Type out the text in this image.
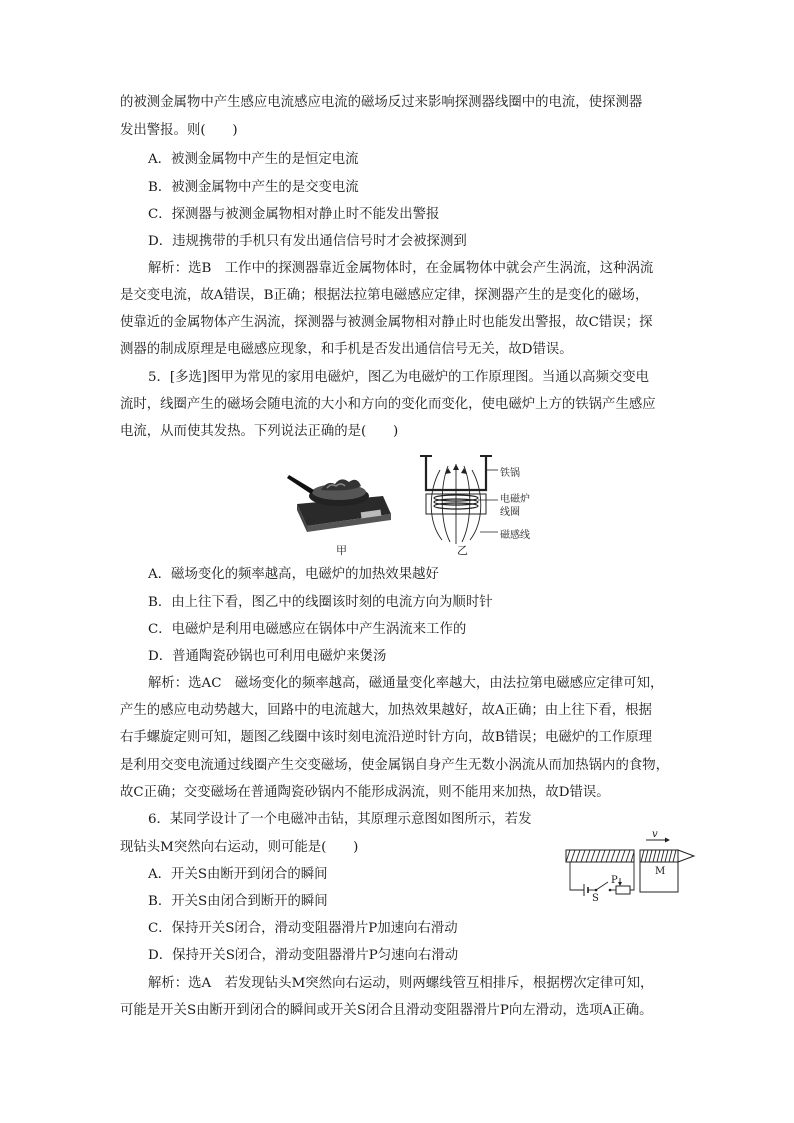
的被测金属物中产生感应电流感应电流的磁场反过来影响探测器线圈中的电流，使探测器
发出警报。则(　　)
A．被测金属物中产生的是恒定电流
B．被测金属物中产生的是交变电流
C．探测器与被测金属物相对静止时不能发出警报
D．违规携带的手机只有发出通信信号时才会被探测到
解析：选B　工作中的探测器靠近金属物体时，在金属物体中就会产生涡流，这种涡流
是交变电流，故A错误，B正确；根据法拉第电磁感应定律，探测器产生的是变化的磁场，
使靠近的金属物体产生涡流，探测器与被测金属物相对静止时也能发出警报，故C错误；探
测器的制成原理是电磁感应现象，和手机是否发出通信信号无关，故D错误。
5．[多选]图甲为常见的家用电磁炉，图乙为电磁炉的工作原理图。当通以高频交变电
流时，线圈产生的磁场会随电流的大小和方向的变化而变化，使电磁炉上方的铁锅产生感应
电流，从而使其发热。下列说法正确的是(　　)
甲
铁锅
电磁炉
线圈
磁感线
乙
A．磁场变化的频率越高，电磁炉的加热效果越好
B．由上往下看，图乙中的线圈该时刻的电流方向为顺时针
C．电磁炉是利用电磁感应在锅体中产生涡流来工作的
D．普通陶瓷砂锅也可利用电磁炉来煲汤
解析：选AC　磁场变化的频率越高，磁通量变化率越大，由法拉第电磁感应定律可知，
产生的感应电动势越大，回路中的电流越大，加热效果越好，故A正确；由上往下看，根据
右手螺旋定则可知，题图乙线圈中该时刻电流沿逆时针方向，故B错误；电磁炉的工作原理
是利用交变电流通过线圈产生交变磁场，使金属锅自身产生无数小涡流从而加热锅内的食物，
故C正确；交变磁场在普通陶瓷砂锅内不能形成涡流，则不能用来加热，故D错误。
6．某同学设计了一个电磁冲击钻，其原理示意图如图所示，若发
现钻头M突然向右运动，则可能是(　　)
v
M
P
S
A．开关S由断开到闭合的瞬间
B．开关S由闭合到断开的瞬间
C．保持开关S闭合，滑动变阻器滑片P加速向右滑动
D．保持开关S闭合，滑动变阻器滑片P匀速向右滑动
解析：选A　若发现钻头M突然向右运动，则两螺线管互相排斥，根据楞次定律可知，
可能是开关S由断开到闭合的瞬间或开关S闭合且滑动变阻器滑片P向左滑动，选项A正确。
